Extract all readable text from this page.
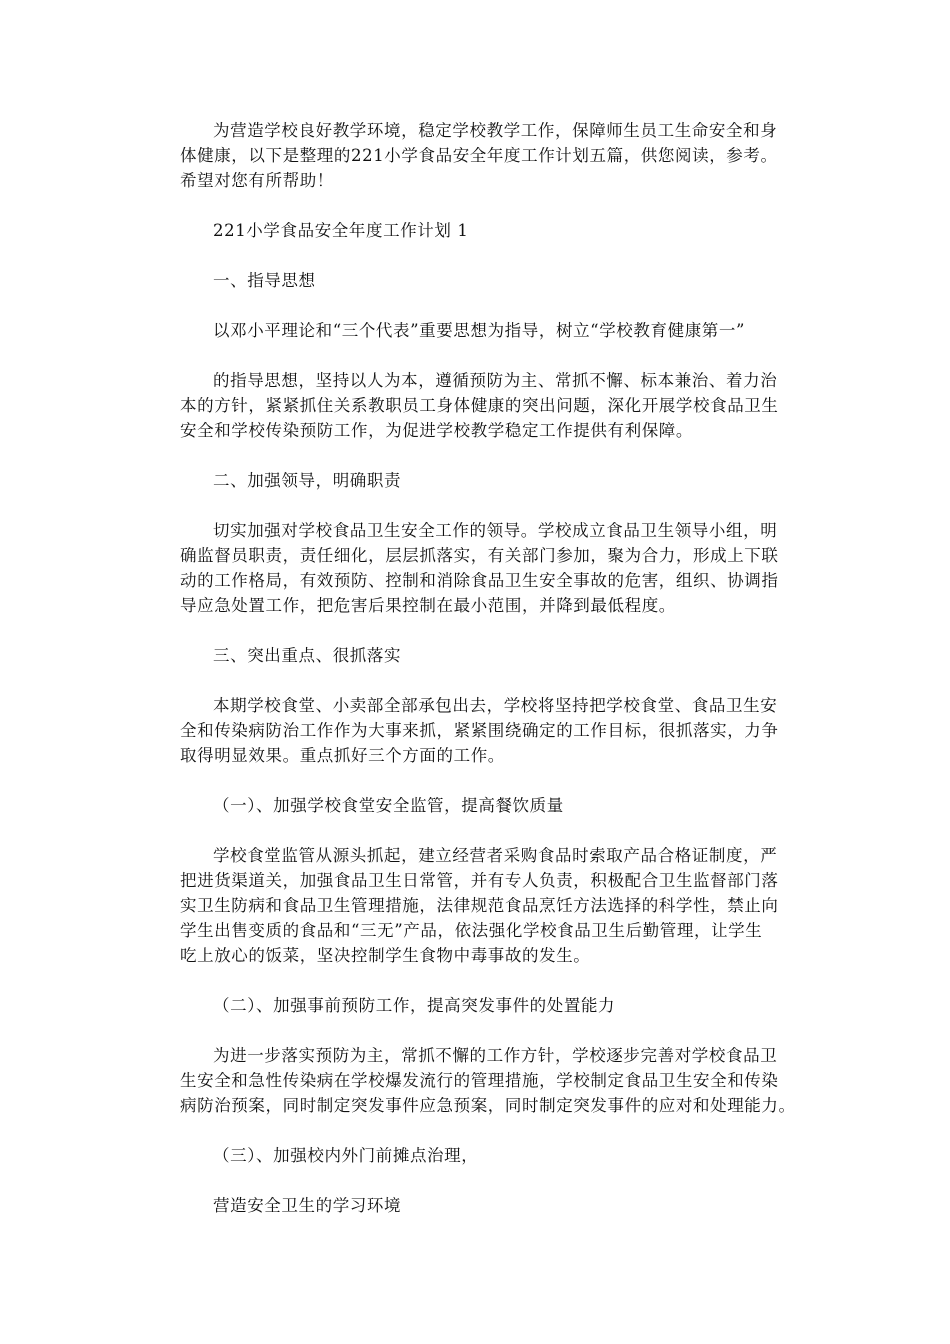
为营造学校良好教学环境，稳定学校教学工作，保障师生员工生命安全和身
体健康，以下是整理的221小学食品安全年度工作计划五篇，供您阅读，参考。
希望对您有所帮助！
221小学食品安全年度工作计划 1
一、指导思想
以邓小平理论和“三个代表”重要思想为指导，树立“学校教育健康第一”
的指导思想，坚持以人为本，遵循预防为主、常抓不懈、标本兼治、着力治
本的方针，紧紧抓住关系教职员工身体健康的突出问题，深化开展学校食品卫生
安全和学校传染预防工作，为促进学校教学稳定工作提供有利保障。
二、加强领导，明确职责
切实加强对学校食品卫生安全工作的领导。学校成立食品卫生领导小组，明
确监督员职责，责任细化，层层抓落实，有关部门参加，聚为合力，形成上下联
动的工作格局，有效预防、控制和消除食品卫生安全事故的危害，组织、协调指
导应急处置工作，把危害后果控制在最小范围，并降到最低程度。
三、突出重点、很抓落实
本期学校食堂、小卖部全部承包出去，学校将坚持把学校食堂、食品卫生安
全和传染病防治工作作为大事来抓，紧紧围绕确定的工作目标，很抓落实，力争
取得明显效果。重点抓好三个方面的工作。
（一）、加强学校食堂安全监管，提高餐饮质量
学校食堂监管从源头抓起，建立经营者采购食品时索取产品合格证制度，严
把进货渠道关，加强食品卫生日常管，并有专人负责，积极配合卫生监督部门落
实卫生防病和食品卫生管理措施，法律规范食品烹饪方法选择的科学性，禁止向
学生出售变质的食品和“三无”产品，依法强化学校食品卫生后勤管理，让学生
吃上放心的饭菜，坚决控制学生食物中毒事故的发生。
（二）、加强事前预防工作，提高突发事件的处置能力
为进一步落实预防为主，常抓不懈的工作方针，学校逐步完善对学校食品卫
生安全和急性传染病在学校爆发流行的管理措施，学校制定食品卫生安全和传染
病防治预案，同时制定突发事件应急预案，同时制定突发事件的应对和处理能力。
（三）、加强校内外门前摊点治理，
营造安全卫生的学习环境
